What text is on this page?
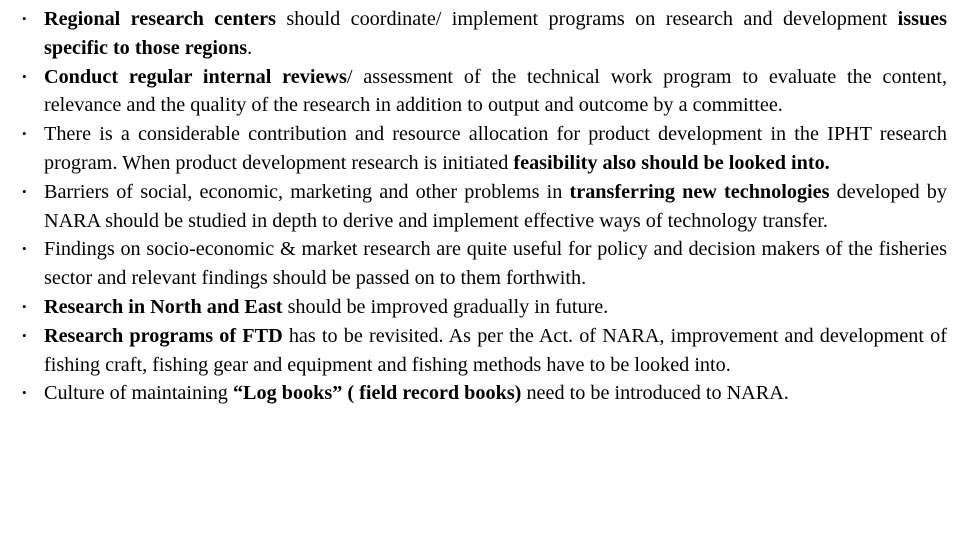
• Regional research centers should coordinate/ implement programs on research and development issues specific to those regions.
• Conduct regular internal reviews/ assessment of the technical work program to evaluate the content, relevance and the quality of the research in addition to output and outcome by a committee.
• There is a considerable contribution and resource allocation for product development in the IPHT research program. When product development research is initiated feasibility also should be looked into.
• Barriers of social, economic, marketing and other problems in transferring new technologies developed by NARA should be studied in depth to derive and implement effective ways of technology transfer.
• Findings on socio-economic & market research are quite useful for policy and decision makers of the fisheries sector and relevant findings should be passed on to them forthwith.
• Research in North and East should be improved gradually in future.
• Research programs of FTD has to be revisited. As per the Act. of NARA, improvement and development of fishing craft, fishing gear and equipment and fishing methods have to be looked into.
• Culture of maintaining “Log books” ( field record books) need to be introduced to NARA.
